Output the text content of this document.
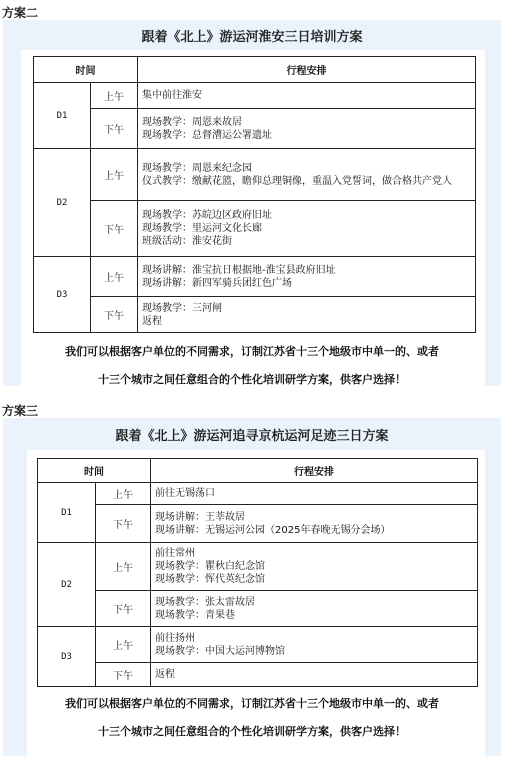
方案二
跟着《北上》游运河淮安三日培训方案
时间		行程安排
D1	上午	集中前往淮安

	下午	现场教学：周恩来故居
现场教学：总督漕运公署遗址

D2	上午	现场教学：周恩来纪念园
仪式教学：缴献花篮，瞻仰总理铜像，重温入党誓词，做合格共产党人

	下午	现场教学：苏皖边区政府旧址
现场教学：里运河文化长廊
班级活动：淮安花街

D3	上午	现场讲解：淮宝抗日根据地-淮宝县政府旧址
现场讲解：新四军骑兵团红色广场

	下午	现场教学：三河闸
返程
我们可以根据客户单位的不同需求，订制江苏省十三个地级市中单一的、或者
十三个城市之间任意组合的个性化培训研学方案，供客户选择！
方案三
跟着《北上》游运河追寻京杭运河足迹三日方案
时间		行程安排
D1	上午	前往无锡荡口

	下午	现场讲解：王莘故居
现场讲解：无锡运河公园（2025年春晚无锡分会场）

D2	上午	前往常州
现场教学：瞿秋白纪念馆
现场教学：恽代英纪念馆

	下午	现场教学：张太雷故居
现场教学：青果巷

D3	上午	前往扬州
现场教学：中国大运河博物馆

	下午	返程
我们可以根据客户单位的不同需求，订制江苏省十三个地级市中单一的、或者
十三个城市之间任意组合的个性化培训研学方案，供客户选择！
